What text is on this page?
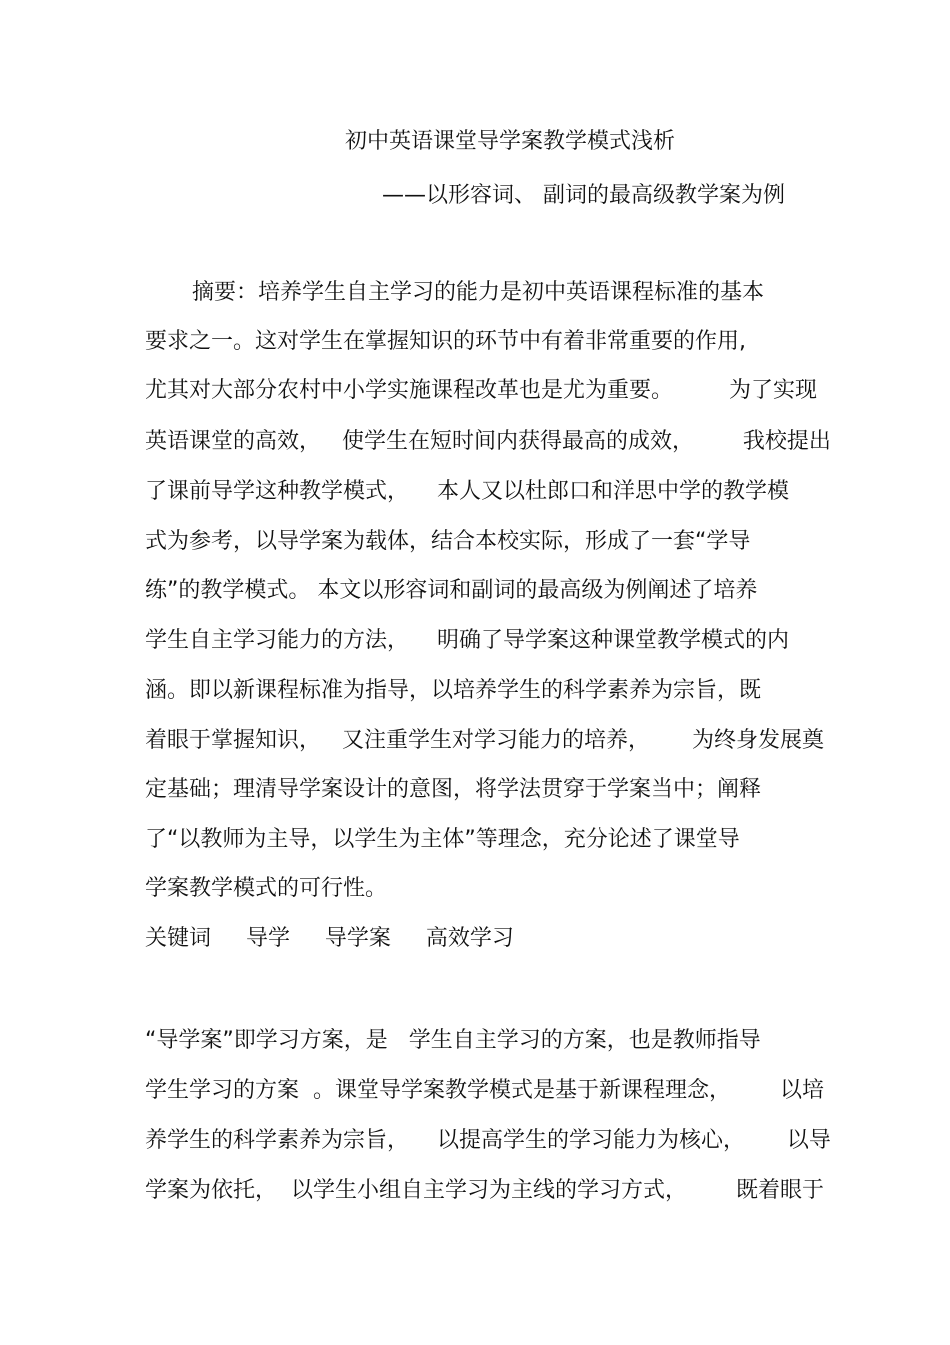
初中英语课堂导学案教学模式浅析
——以形容词、 副词的最高级教学案为例
摘要：培养学生自主学习的能力是初中英语课程标准的基本
要求之一。这对学生在掌握知识的环节中有着非常重要的作用,
尤其对大部分农村中小学实施课程改革也是尤为重要。        为了实现
英语课堂的高效，   使学生在短时间内获得最高的成效，       我校提出
了课前导学这种教学模式，    本人又以杜郎口和洋思中学的教学模
式为参考，以导学案为载体，结合本校实际，形成了一套“学导
练”的教学模式。 本文以形容词和副词的最高级为例阐述了培养
学生自主学习能力的方法，    明确了导学案这种课堂教学模式的内
涵。即以新课程标准为指导，以培养学生的科学素养为宗旨，既
着眼于掌握知识，   又注重学生对学习能力的培养，      为终身发展奠
定基础；理清导学案设计的意图，将学法贯穿于学案当中；阐释
了“以教师为主导，以学生为主体”等理念，充分论述了课堂导
学案教学模式的可行性。
关键词     导学     导学案     高效学习
“导学案”即学习方案，是   学生自主学习的方案，也是教师指导
学生学习的方案  。课堂导学案教学模式是基于新课程理念，       以培
养学生的科学素养为宗旨，    以提高学生的学习能力为核心，      以导
学案为依托，  以学生小组自主学习为主线的学习方式，       既着眼于
